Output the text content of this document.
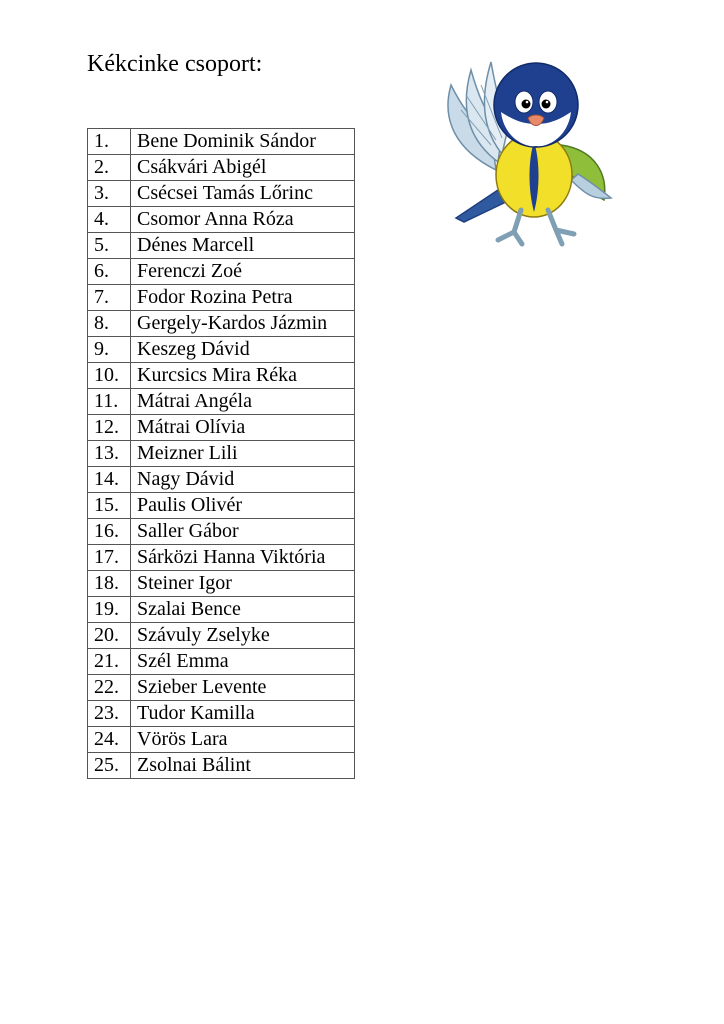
Kékcinke csoport:
1.	Bene Dominik Sándor
2.	Csákvári Abigél
3.	Csécsei Tamás Lőrinc
4.	Csomor Anna Róza
5.	Dénes Marcell
6.	Ferenczi Zoé
7.	Fodor Rozina Petra
8.	Gergely-Kardos Jázmin
9.	Keszeg Dávid
10.	Kurcsics Mira Réka
11.	Mátrai Angéla
12.	Mátrai Olívia
13.	Meizner Lili
14.	Nagy Dávid
15.	Paulis Olivér
16.	Saller Gábor
17.	Sárközi Hanna Viktória
18.	Steiner Igor
19.	Szalai Bence
20.	Szávuly Zselyke
21.	Szél Emma
22.	Szieber Levente
23.	Tudor Kamilla
24.	Vörös Lara
25.	Zsolnai Bálint
